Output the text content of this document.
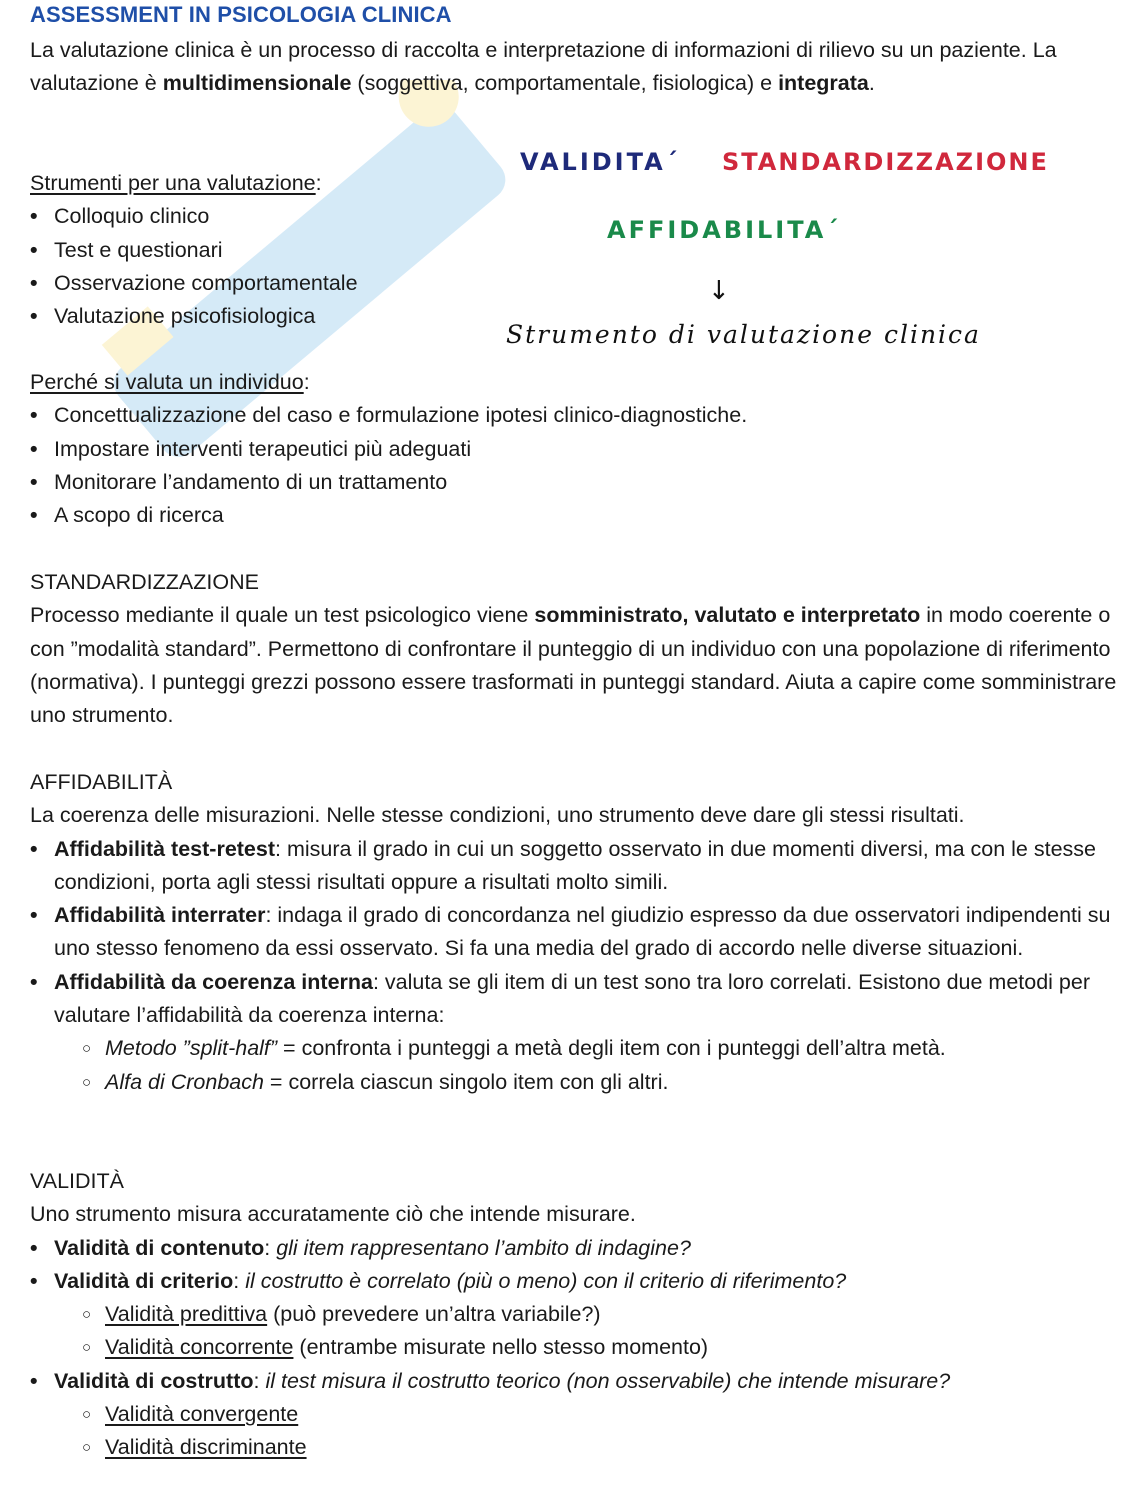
ASSESSMENT IN PSICOLOGIA CLINICA
La valutazione clinica è un processo di raccolta e interpretazione di informazioni di rilievo su un paziente. La valutazione è multidimensionale (soggettiva, comportamentale, fisiologica) e integrata.
Strumenti per una valutazione:
• Colloquio clinico
• Test e questionari
• Osservazione comportamentale
• Valutazione psicofisiologica
VALIDITA´ STANDARDIZZAZIONE
AFFIDABILITA´
↓
Strumento di valutazione clinica
Perché si valuta un individuo:
• Concettualizzazione del caso e formulazione ipotesi clinico-diagnostiche.
• Impostare interventi terapeutici più adeguati
• Monitorare l’andamento di un trattamento
• A scopo di ricerca
STANDARDIZZAZIONE
Processo mediante il quale un test psicologico viene somministrato, valutato e interpretato in modo coerente o con ”modalità standard”. Permettono di confrontare il punteggio di un individuo con una popolazione di riferimento (normativa). I punteggi grezzi possono essere trasformati in punteggi standard. Aiuta a capire come somministrare uno strumento.
AFFIDABILITÀ
La coerenza delle misurazioni. Nelle stesse condizioni, uno strumento deve dare gli stessi risultati.
• Affidabilità test-retest: misura il grado in cui un soggetto osservato in due momenti diversi, ma con le stesse condizioni, porta agli stessi risultati oppure a risultati molto simili.
• Affidabilità interrater: indaga il grado di concordanza nel giudizio espresso da due osservatori indipendenti su uno stesso fenomeno da essi osservato. Si fa una media del grado di accordo nelle diverse situazioni.
• Affidabilità da coerenza interna: valuta se gli item di un test sono tra loro correlati. Esistono due metodi per valutare l’affidabilità da coerenza interna:
○ Metodo ”split-half” = confronta i punteggi a metà degli item con i punteggi dell’altra metà.
○ Alfa di Cronbach = correla ciascun singolo item con gli altri.
VALIDITÀ
Uno strumento misura accuratamente ciò che intende misurare.
• Validità di contenuto: gli item rappresentano l’ambito di indagine?
• Validità di criterio: il costrutto è correlato (più o meno) con il criterio di riferimento?
○ Validità predittiva (può prevedere un’altra variabile?)
○ Validità concorrente (entrambe misurate nello stesso momento)
• Validità di costrutto: il test misura il costrutto teorico (non osservabile) che intende misurare?
○ Validità convergente
○ Validità discriminante
